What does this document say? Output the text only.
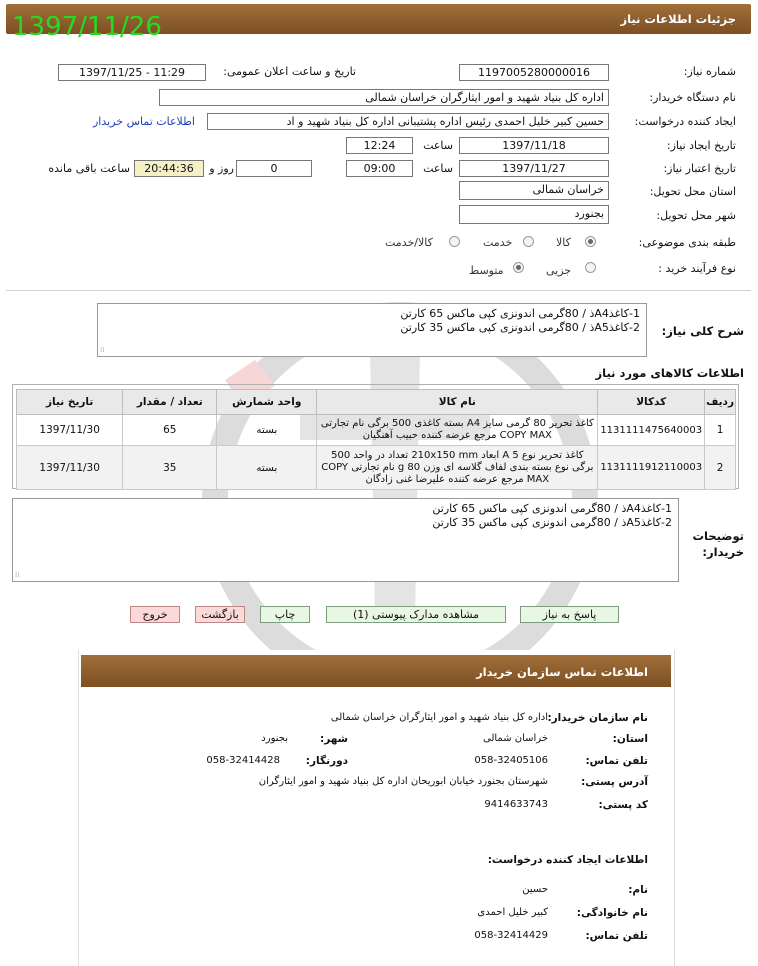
جزئیات اطلاعات نیاز
1397/11/26
شماره نیاز:
1197005280000016
تاریخ و ساعت اعلان عمومی:
1397/11/25 - 11:29
نام دستگاه خریدار:
اداره کل بنیاد شهید و امور ایثارگران خراسان شمالی
ایجاد کننده درخواست:
حسین کبیر خلیل احمدی رئیس اداره پشتیبانی اداره کل بنیاد شهید و اد
اطلاعات تماس خریدار
تاریخ ایجاد نیاز:
1397/11/18
ساعت
12:24
تاریخ اعتبار نیاز:
1397/11/27
ساعت
09:00
0
روز و
20:44:36
ساعت باقی مانده
استان محل تحویل:
خراسان شمالی
شهر محل تحویل:
بجنورد
طبقه بندی موضوعی:
کالا
خدمت
کالا/خدمت
نوع فرآیند خرید :
جزیی
متوسط
شرح کلی نیاز:
1-کاغذA4ذ / 80گرمی اندونزی کپی ماکس 65 کارتن
2-کاغذA5ذ / 80گرمی اندونزی کپی ماکس 35 کارتن
⁞⁞
اطلاعات کالاهای مورد نیاز
ردیف	کدکالا	نام کالا	واحد شمارش	تعداد / مقدار	تاریخ نیاز
1	1131111475640003	کاغذ تحریر 80 گرمی سایز A4 بسته کاغذی 500 برگی نام تجارتی COPY MAX مرجع عرضه کننده حبیب آهنگیان	بسته	65	1397/11/30
2	1131111912110003	کاغذ تحریر نوع A 5 ابعاد 210x150 mm تعداد در واحد 500 برگی نوع بسته بندی لفاف گلاسه ای وزن 80 g نام تجارتی COPY MAX مرجع عرضه کننده علیرضا غنی زادگان	بسته	35	1397/11/30
توضیحات خریدار:
1-کاغذA4ذ / 80گرمی اندونزی کپی ماکس 65 کارتن
2-کاغذA5ذ / 80گرمی اندونزی کپی ماکس 35 کارتن
⁞⁞
پاسخ به نیاز
مشاهده مدارک پیوستی (1)
چاپ
بازگشت
خروج
اطلاعات تماس سازمان خریدار
نام سازمان خریدار:
اداره کل بنیاد شهید و امور ایثارگران خراسان شمالی
استان:
خراسان شمالی
شهر:
بجنورد
تلفن تماس:
058-32405106
دورنگار:
058-32414428
آدرس پستی:
شهرستان بجنورد خیابان ابوریحان اداره کل بنیاد شهید و امور ایثارگران
کد پستی:
9414633743
اطلاعات ایجاد کننده درخواست:
نام:
حسین
نام خانوادگی:
کبیر خلیل احمدی
تلفن تماس:
058-32414429
